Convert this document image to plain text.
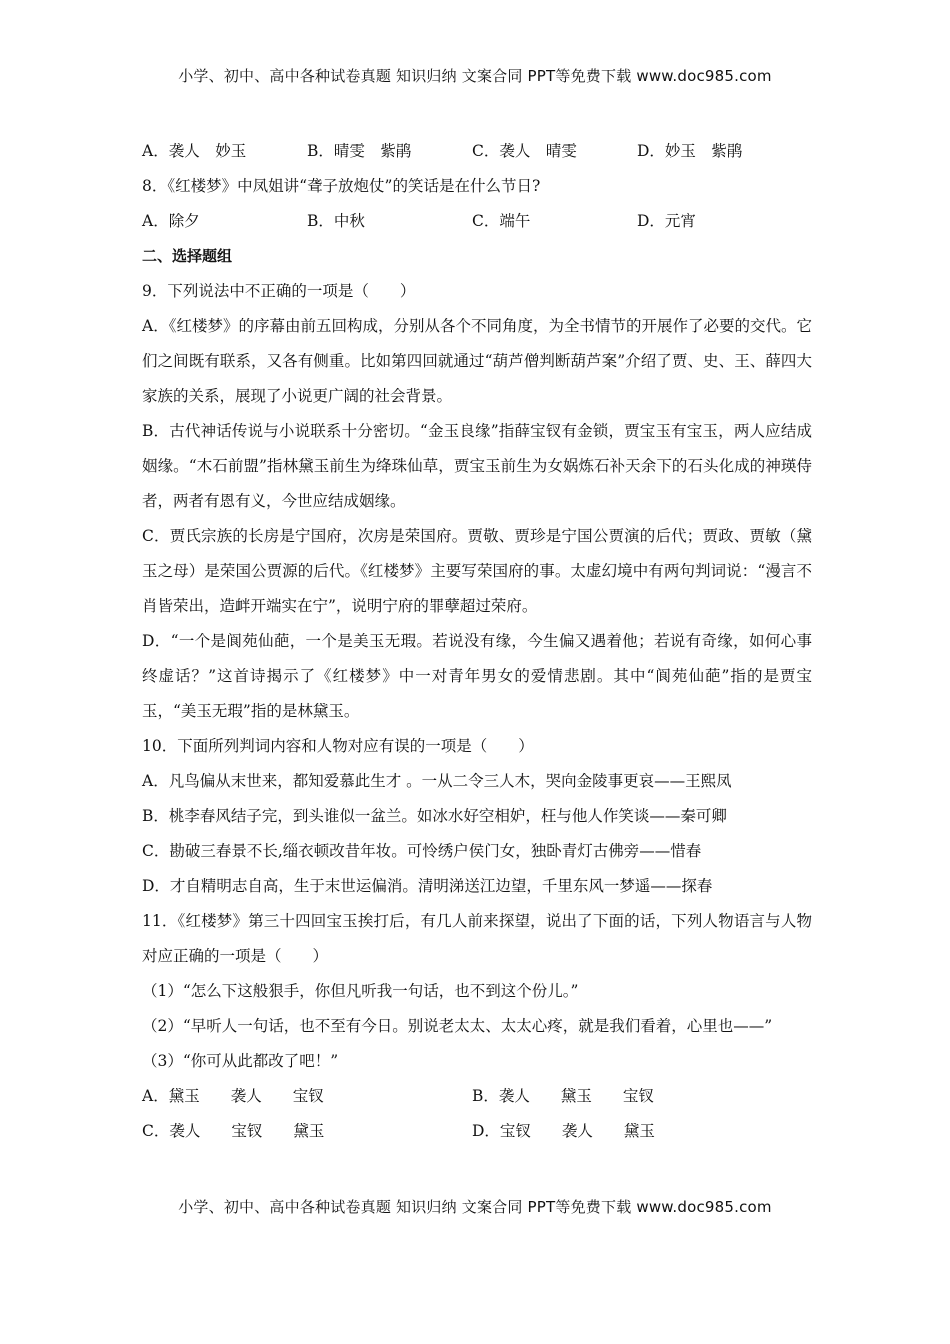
小学、初中、高中各种试卷真题 知识归纳 文案合同 PPT等免费下载 www.doc985.com
A．袭人　妙玉	B．晴雯　紫鹃	C．袭人　晴雯	D．妙玉　紫鹃
8．《红楼梦》中凤姐讲“聋子放炮仗”的笑话是在什么节日?
A．除夕	B．中秋	C．端午	D．元宵
二、选择题组
9．下列说法中不正确的一项是（　　）
A．《红楼梦》的序幕由前五回构成，分别从各个不同角度，为全书情节的开展作了必要的交代。它们之间既有联系，又各有侧重。比如第四回就通过“葫芦僧判断葫芦案”介绍了贾、史、王、薛四大家族的关系，展现了小说更广阔的社会背景。
B．古代神话传说与小说联系十分密切。“金玉良缘”指薛宝钗有金锁，贾宝玉有宝玉，两人应结成姻缘。“木石前盟”指林黛玉前生为绛珠仙草，贾宝玉前生为女娲炼石补天余下的石头化成的神瑛侍者，两者有恩有义，今世应结成姻缘。
C．贾氏宗族的长房是宁国府，次房是荣国府。贾敬、贾珍是宁国公贾演的后代；贾政、贾敏（黛玉之母）是荣国公贾源的后代。《红楼梦》主要写荣国府的事。太虚幻境中有两句判词说：“漫言不肖皆荣出，造衅开端实在宁”，说明宁府的罪孽超过荣府。
D．“一个是阆苑仙葩，一个是美玉无瑕。若说没有缘，今生偏又遇着他；若说有奇缘，如何心事终虚话？”这首诗揭示了《红楼梦》中一对青年男女的爱情悲剧。其中“阆苑仙葩”指的是贾宝玉，“美玉无瑕”指的是林黛玉。
10．下面所列判词内容和人物对应有误的一项是（　　）
A．凡鸟偏从末世来，都知爱慕此生才 。一从二令三人木，哭向金陵事更哀——王熙凤
B．桃李春风结子完，到头谁似一盆兰。如冰水好空相妒，枉与他人作笑谈——秦可卿
C．勘破三春景不长,缁衣顿改昔年妆。可怜绣户侯门女，独卧青灯古佛旁——惜春
D．才自精明志自高，生于末世运偏消。清明涕送江边望，千里东风一梦遥——探春
11．《红楼梦》第三十四回宝玉挨打后，有几人前来探望，说出了下面的话，下列人物语言与人物对应正确的一项是（　　）
（1）“怎么下这般狠手，你但凡听我一句话，也不到这个份儿。”
（2）“早听人一句话，也不至有今日。别说老太太、太太心疼，就是我们看着，心里也——”
（3）“你可从此都改了吧！”
A．黛玉　　袭人　　宝钗	B．袭人　　黛玉　　宝钗
C．袭人　　宝钗　　黛玉	D．宝钗　　袭人　　黛玉
小学、初中、高中各种试卷真题 知识归纳 文案合同 PPT等免费下载 www.doc985.com
